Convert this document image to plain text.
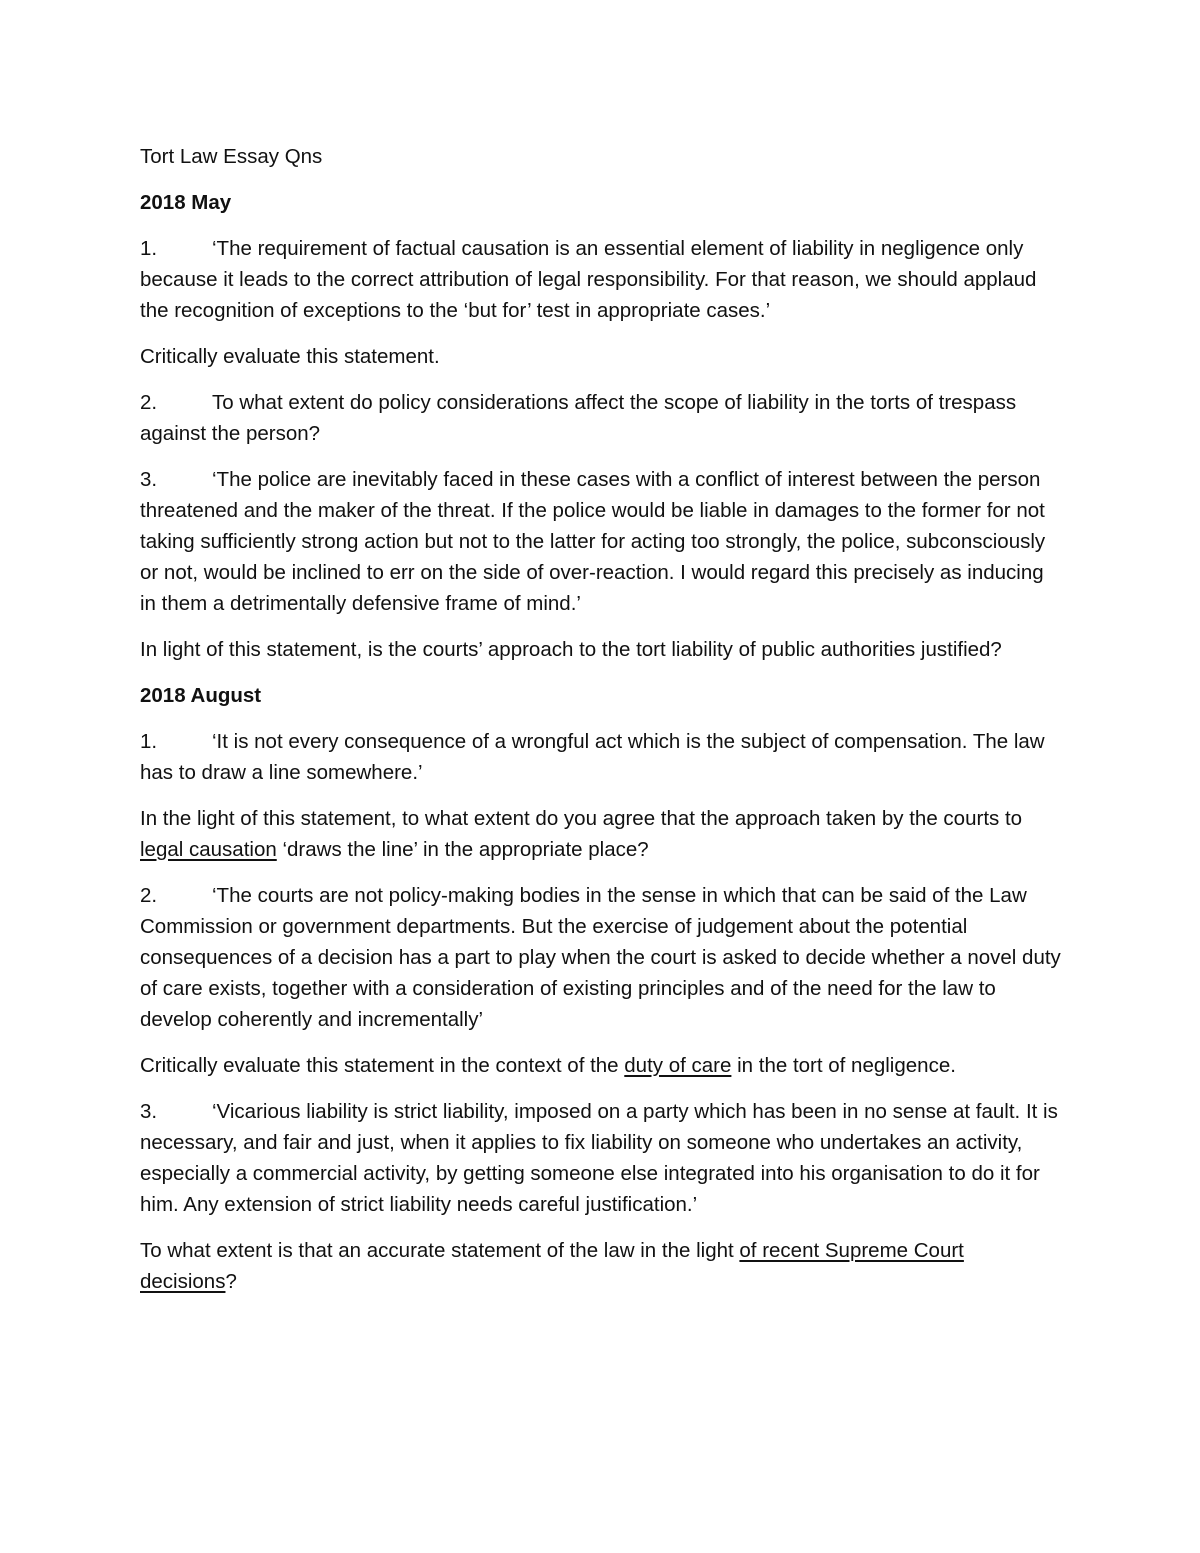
Tort Law Essay Qns

2018 May

1.	‘The requirement of factual causation is an essential element of liability in negligence only because it leads to the correct attribution of legal responsibility. For that reason, we should applaud the recognition of exceptions to the ‘but for’ test in appropriate cases.’

Critically evaluate this statement.

2.	To what extent do policy considerations affect the scope of liability in the torts of trespass against the person?

3.	‘The police are inevitably faced in these cases with a conflict of interest between the person threatened and the maker of the threat. If the police would be liable in damages to the former for not taking sufficiently strong action but not to the latter for acting too strongly, the police, subconsciously or not, would be inclined to err on the side of over-reaction. I would regard this precisely as inducing in them a detrimentally defensive frame of mind.’

In light of this statement, is the courts’ approach to the tort liability of public authorities justified?

2018 August

1.	‘It is not every consequence of a wrongful act which is the subject of compensation. The law has to draw a line somewhere.’

In the light of this statement, to what extent do you agree that the approach taken by the courts to legal causation ‘draws the line’ in the appropriate place?

2.	‘The courts are not policy-making bodies in the sense in which that can be said of the Law Commission or government departments. But the exercise of judgement about the potential consequences of a decision has a part to play when the court is asked to decide whether a novel duty of care exists, together with a consideration of existing principles and of the need for the law to develop coherently and incrementally’

Critically evaluate this statement in the context of the duty of care in the tort of negligence.

3.	‘Vicarious liability is strict liability, imposed on a party which has been in no sense at fault. It is necessary, and fair and just, when it applies to fix liability on someone who undertakes an activity, especially a commercial activity, by getting someone else integrated into his organisation to do it for him. Any extension of strict liability needs careful justification.’

To what extent is that an accurate statement of the law in the light of recent Supreme Court decisions?
